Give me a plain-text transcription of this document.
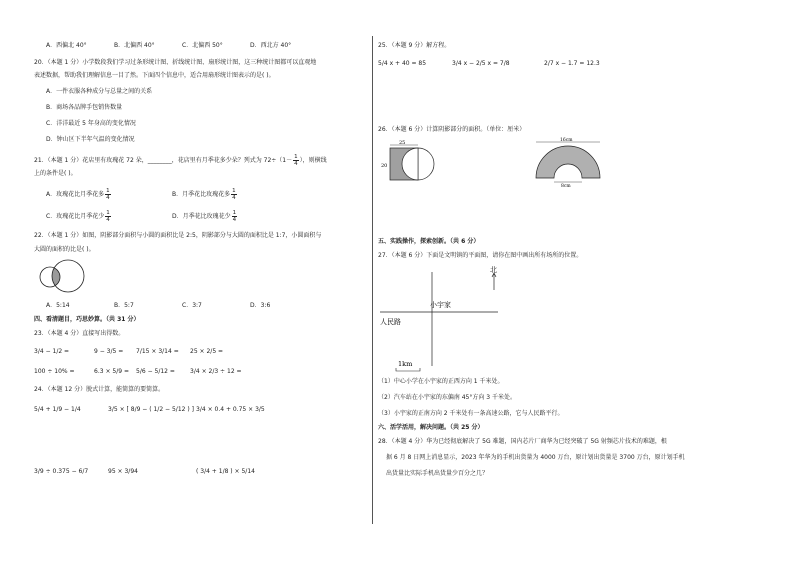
A．西偏北 40°	B．北偏西 40°	C．北偏西 50°	D．西北方 40°
20．（本题 1 分）小学数段我们学习过条形统计图、折线统计图、扇形统计图，这三种统计图都可以直观地
表述数据，帮助我们理解信息一目了然。下面四个信息中，适合用扇形统计图表示的是( )。
A．一件衣服各种成分与总量之间的关系
B．商场各品牌手包销售数量
C．洋洋最近 5 年身高的变化情况
D．钟山区下半年气温的变化情况
21．（本题 1 分）花店里有玫瑰花 72 朵，________，花店里有月季花多少朵？列式为 $72\div(1- \frac{1}{4}$ ），则横线
上的条件是( )。
A．玫瑰花比月季花多 $\frac{1}{4}$	B．月季花比玫瑰花多 $\frac{1}{4}$
C．玫瑰花比月季花少 $\frac{1}{4}$	D．月季花比玫瑰花少 $\frac{1}{4}$
22．（本题 1 分）如图，阴影部分面积与小圆的面积比是 2:5，阴影部分与大圆的面积比是 1:7，小圆面积与
大圆的面积的比是( )。
A．5:14	B．5:7	C．3:7	D．3:6
四、看清题目，巧思妙算。（共 31 分）
23．（本题 4 分）直接写出得数。
3/4 − 1/2 =	9 − 3/5 = 7/15 × 3/14 = 25 × 2/5 =
100 ÷ 10% =	6.3 × 5/9 = 5/6 − 5/12 =	3/4 × 2/3 ÷ 12 =
24．（本题 12 分）脱式计算，能简算的要简算。
5/4 + 1/9 − 1/4	3/5 × [ 8/9 − ( 1/2 − 5/12 ) ] 3/4 × 0.4 + 0.75 × 3/5
3/9 ÷ 0.375 − 6/7	95 × 3/94	( 3/4 + 1/8 ) × 5/14
25．（本题 9 分）解方程。
5/4 x + 40 = 85	3/4 x − 2/5 x = 7/8	2/7 x − 1.7 = 12.3
26．（本题 6 分）计算阴影部分的面积。（单位：厘米）
25
20
16cm
8cm
五、实践操作，探索创新。（共 6 分）
27．（本题 6 分）下面是文明镇的平面图，请你在图中画出所有场所的位置。
北
小宇家
人民路
1km
（1）中心小学在小宇家的正西方向 1 千米处。
（2）汽车站在小宇家的东偏南 45°方向 3 千米处。
（3）小宇家的正南方向 2 千米处有一条高速公路，它与人民路平行。
六、活学活用，解决问题。（共 25 分）
28．（本题 4 分）华为已经彻底解决了 5G 难题，国内芯片厂商华为已经突破了 5G 射频芯片技术的难题，根
据 6 月 8 日网上消息显示，2023 年华为的手机出货量为 4000 万台，原计划出货量是 3700 万台，原计划手机
出货量比实际手机出货量少百分之几？
